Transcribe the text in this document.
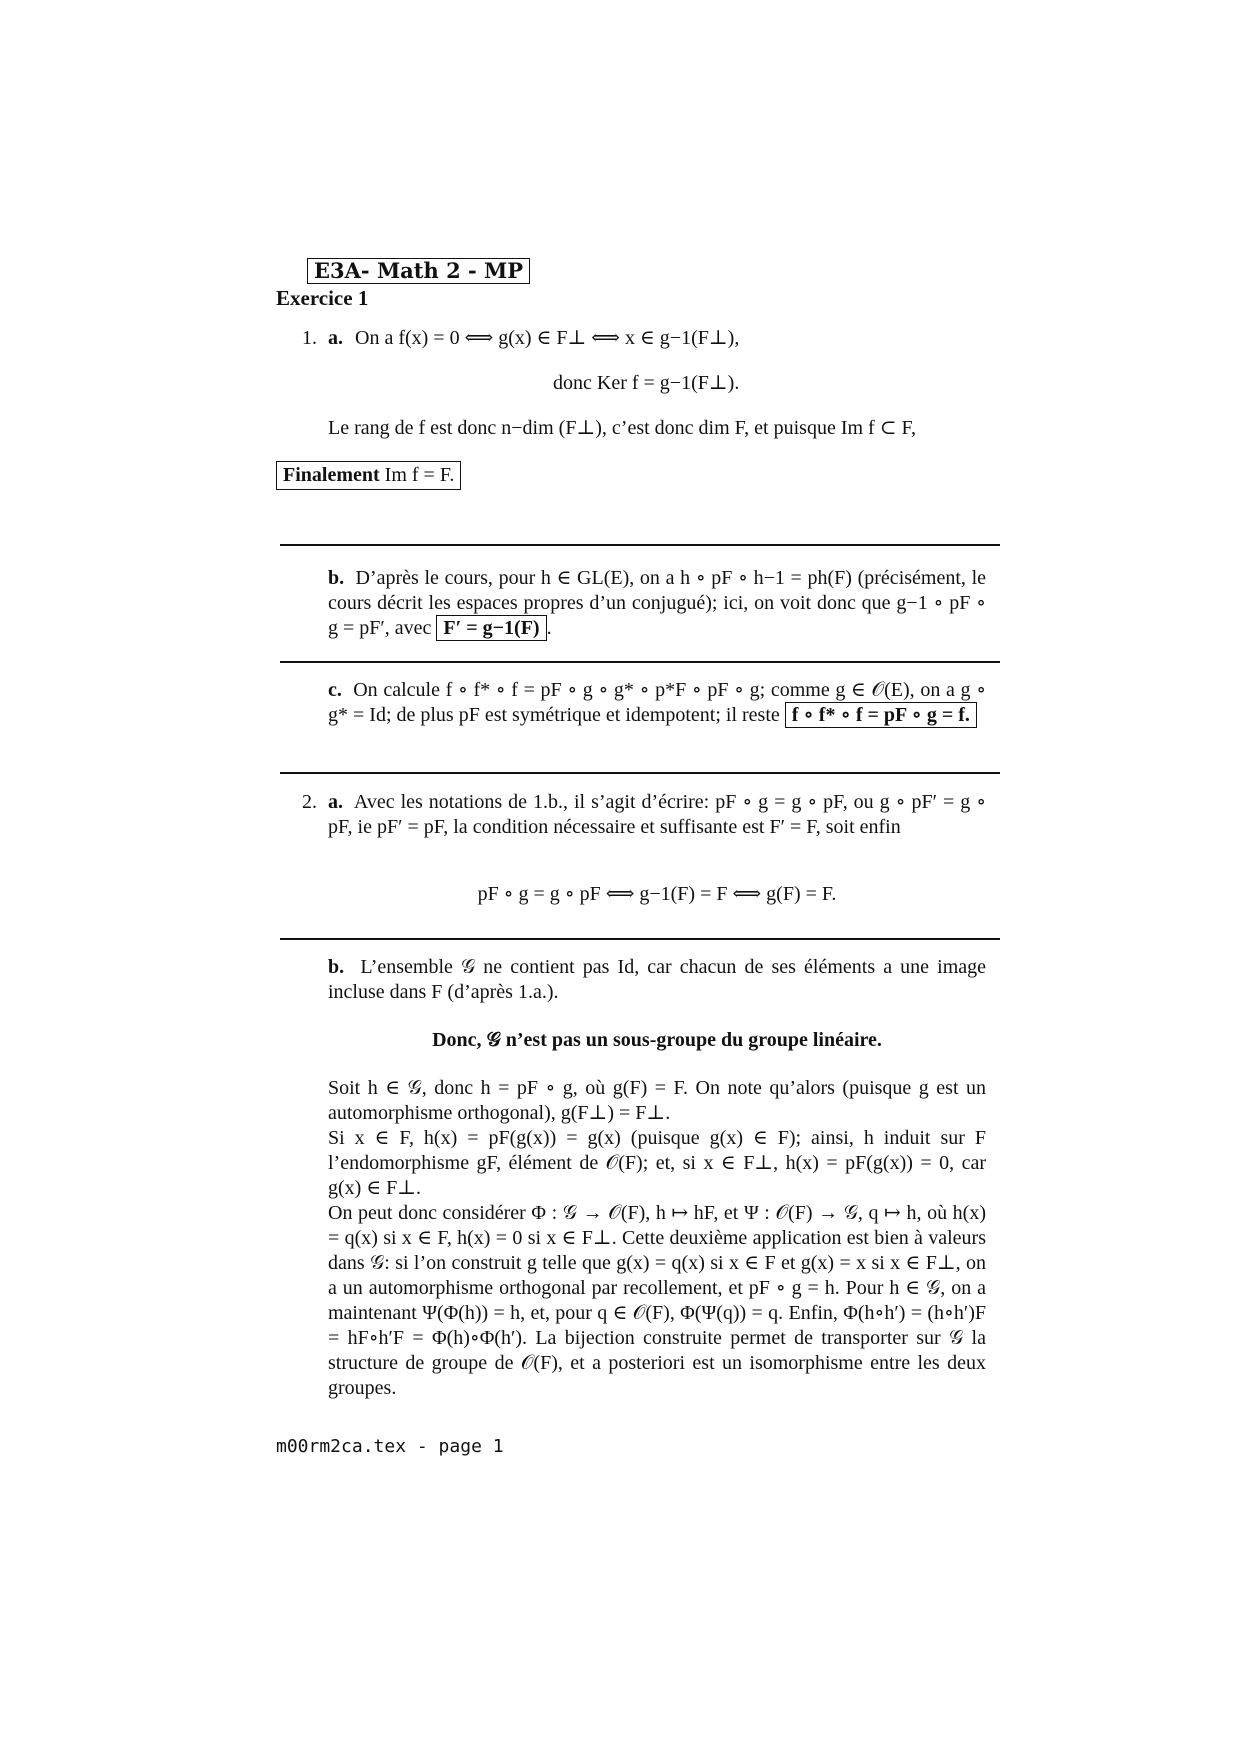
E3A- Math 2 - MP
Exercice 1
1. a. On a f(x) = 0 ⟺ g(x) ∈ F⊥ ⟺ x ∈ g−1(F⊥),
donc Ker f = g−1(F⊥).
Le rang de f est donc n−dim (F⊥), c’est donc dim F, et puisque Im f ⊂ F,
Finalement Im f = F.
b. D’après le cours, pour h ∈ GL(E), on a h ∘ pF ∘ h−1 = ph(F) (précisément, le cours décrit les espaces propres d’un conjugué); ici, on voit donc que g−1 ∘ pF ∘ g = pF′, avec F′ = g−1(F) .
c. On calcule f ∘ f* ∘ f = pF ∘ g ∘ g* ∘ p*F ∘ pF ∘ g; comme g ∈ 𝒪(E), on a g ∘ g* = Id; de plus pF est symétrique et idempotent; il reste f ∘ f* ∘ f = pF ∘ g = f.
2. a. Avec les notations de 1.b., il s’agit d’écrire: pF ∘ g = g ∘ pF, ou g ∘ pF′ = g ∘ pF, ie pF′ = pF, la condition nécessaire et suffisante est F′ = F, soit enfin
pF ∘ g = g ∘ pF ⟺ g−1(F) = F ⟺ g(F) = F.
b. L’ensemble 𝒢 ne contient pas Id, car chacun de ses éléments a une image incluse dans F (d’après 1.a.).
Donc, 𝒢 n’est pas un sous-groupe du groupe linéaire.
Soit h ∈ 𝒢, donc h = pF ∘ g, où g(F) = F. On note qu’alors (puisque g est un automorphisme orthogonal), g(F⊥) = F⊥.
Si x ∈ F, h(x) = pF(g(x)) = g(x) (puisque g(x) ∈ F); ainsi, h induit sur F l’endomorphisme gF, élément de 𝒪(F); et, si x ∈ F⊥, h(x) = pF(g(x)) = 0, car g(x) ∈ F⊥.
On peut donc considérer Φ : 𝒢 → 𝒪(F), h ↦ hF, et Ψ : 𝒪(F) → 𝒢, q ↦ h, où h(x) = q(x) si x ∈ F, h(x) = 0 si x ∈ F⊥. Cette deuxième application est bien à valeurs dans 𝒢: si l’on construit g telle que g(x) = q(x) si x ∈ F et g(x) = x si x ∈ F⊥, on a un automorphisme orthogonal par recollement, et pF ∘ g = h. Pour h ∈ 𝒢, on a maintenant Ψ(Φ(h)) = h, et, pour q ∈ 𝒪(F), Φ(Ψ(q)) = q. Enfin, Φ(h∘h′) = (h∘h′)F = hF∘h′F = Φ(h)∘Φ(h′). La bijection construite permet de transporter sur 𝒢 la structure de groupe de 𝒪(F), et a posteriori est un isomorphisme entre les deux groupes.
m00rm2ca.tex - page 1
